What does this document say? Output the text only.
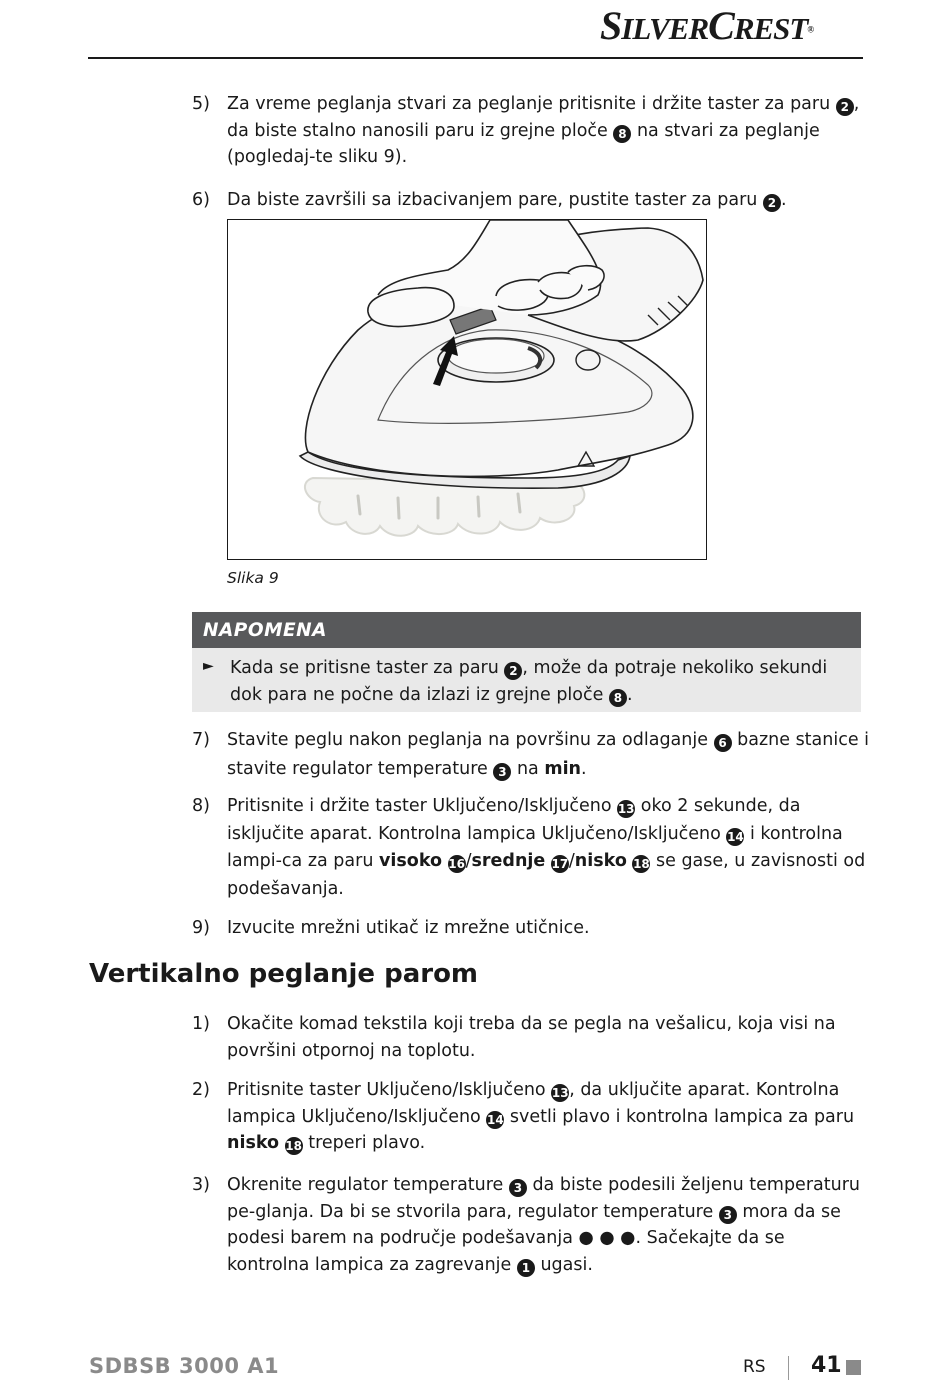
SILVERCREST®
5) Za vreme peglanja stvari za peglanje pritisnite i držite taster za paru 2 , da biste stalno nanosili paru iz grejne ploče 8 na stvari za peglanje (pogledaj-te sliku 9).
6) Da biste završili sa izbacivanjem pare, pustite taster za paru 2 .
Slika 9
NAPOMENA
► Kada se pritisne taster za paru 2 , može da potraje nekoliko sekundi dok para ne počne da izlazi iz grejne ploče 8 .
7) Stavite peglu nakon peglanja na površinu za odlaganje 6 bazne stanice i stavite regulator temperature 3 na min.
8) Pritisnite i držite taster Uključeno/Isključeno 13 oko 2 sekunde, da isključite aparat. Kontrolna lampica Uključeno/Isključeno 14 i kontrolna lampi-ca za paru visoko 16/srednje 17/nisko 18 se gase, u zavisnosti od podešavanja.
9) Izvucite mrežni utikač iz mrežne utičnice.
Vertikalno peglanje parom
1) Okačite komad tekstila koji treba da se pegla na vešalicu, koja visi na površini otpornoj na toplotu.
2) Pritisnite taster Uključeno/Isključeno 13, da uključite aparat. Kontrolna lampica Uključeno/Isključeno 14 svetli plavo i kontrolna lampica za paru nisko 18 treperi plavo.
3) Okrenite regulator temperature 3 da biste podesili željenu temperaturu pe-glanja. Da bi se stvorila para, regulator temperature 3 mora da se podesi barem na područje podešavanja ● ● ●. Sačekajte da se kontrolna lampica za zagrevanje 1 ugasi.
SDBSB 3000 A1	RS 41
